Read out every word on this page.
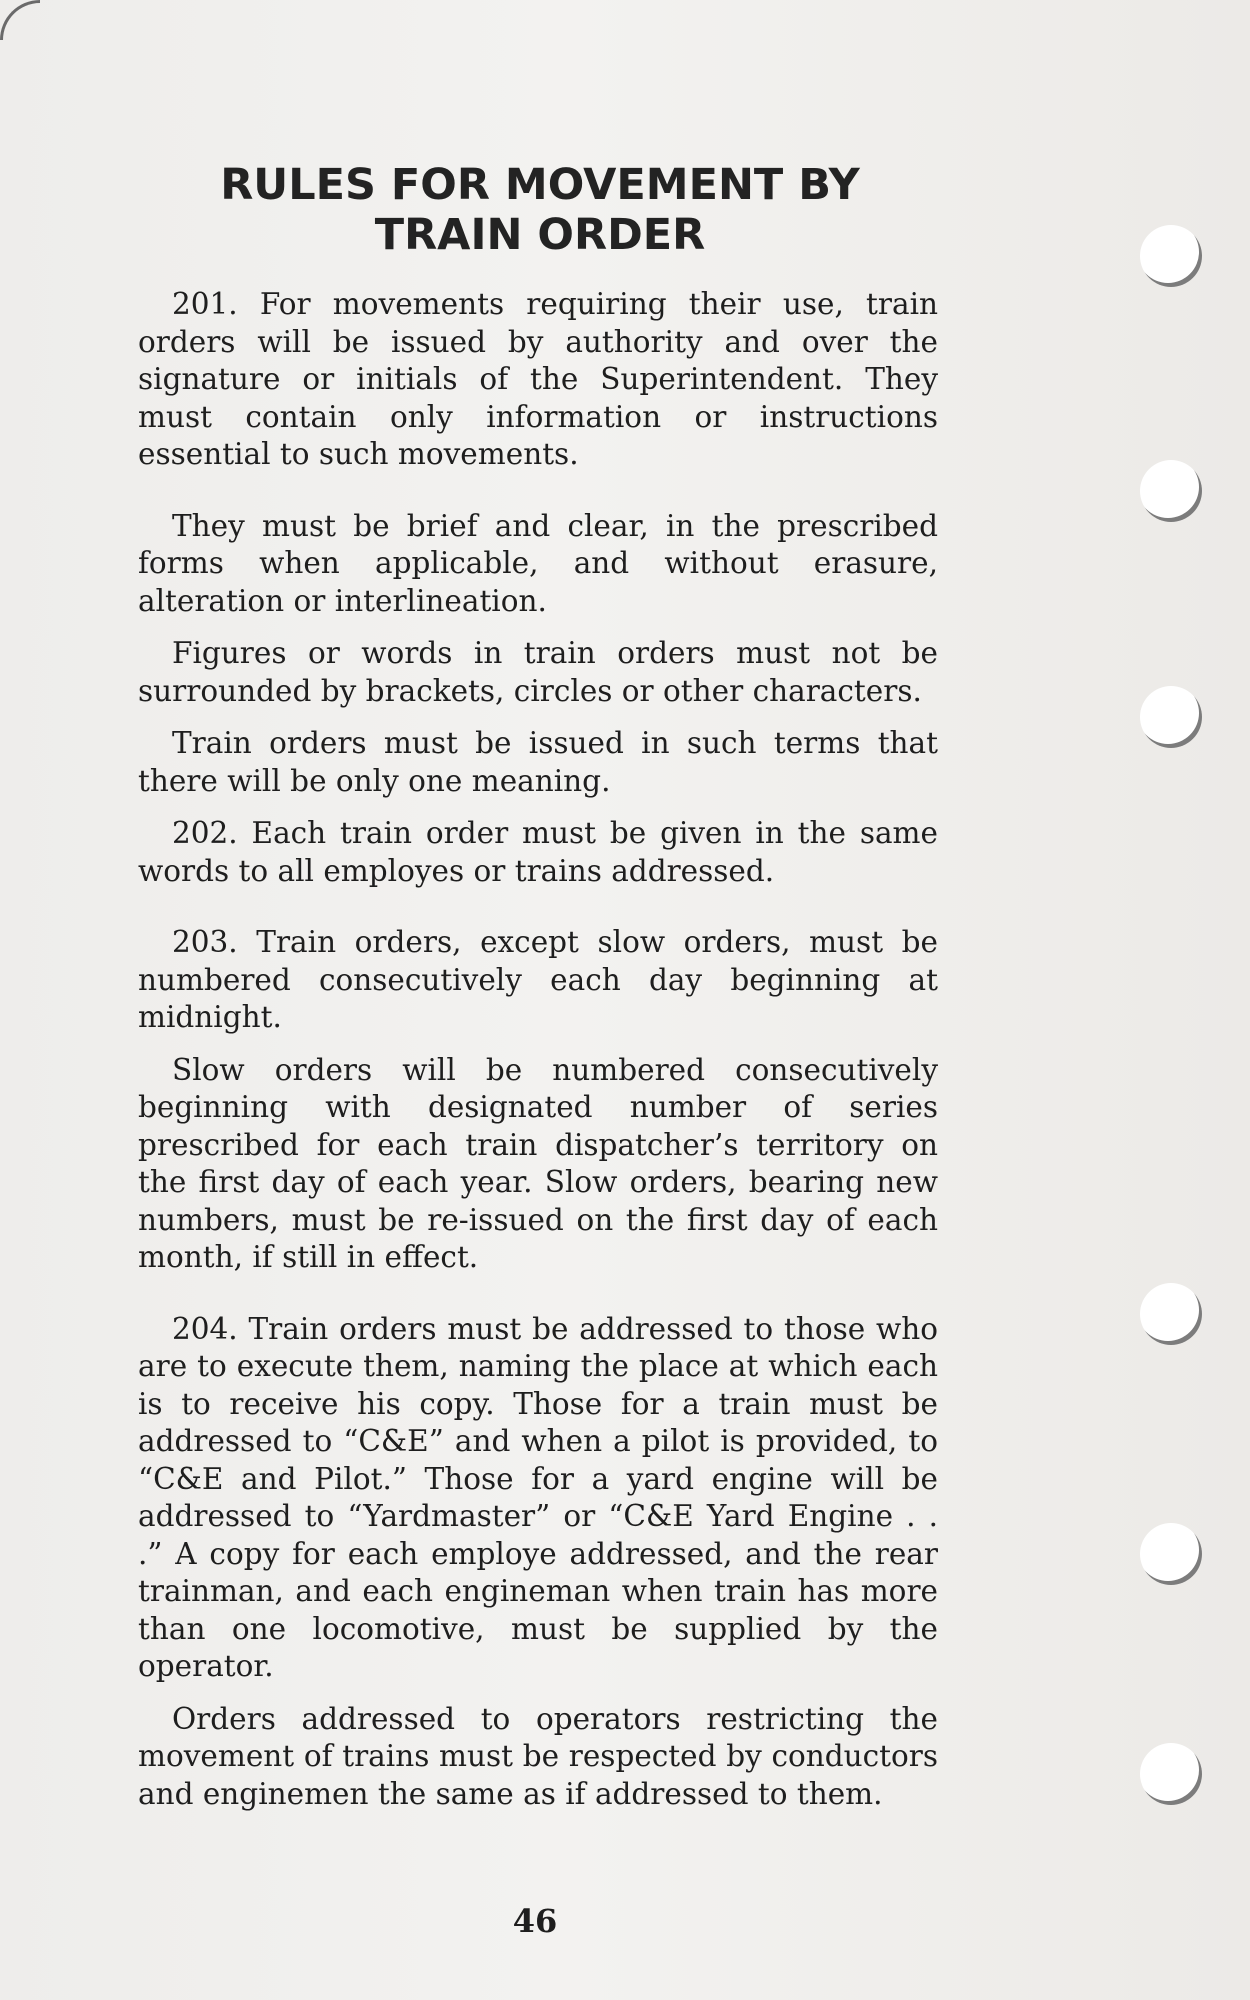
RULES FOR MOVEMENT BY TRAIN ORDER

201. For movements requiring their use, train orders will be issued by authority and over the signature or initials of the Superintendent. They must contain only information or instructions essential to such movements.

They must be brief and clear, in the prescribed forms when applicable, and without erasure, alteration or interlineation.

Figures or words in train orders must not be surrounded by brackets, circles or other characters.

Train orders must be issued in such terms that there will be only one meaning.

202. Each train order must be given in the same words to all employes or trains addressed.

203. Train orders, except slow orders, must be numbered consecutively each day beginning at midnight.

Slow orders will be numbered consecutively beginning with designated number of series prescribed for each train dispatcher’s territory on the first day of each year. Slow orders, bearing new numbers, must be re-issued on the first day of each month, if still in effect.

204. Train orders must be addressed to those who are to execute them, naming the place at which each is to receive his copy. Those for a train must be addressed to “C&E” and when a pilot is provided, to “C&E and Pilot.” Those for a yard engine will be addressed to “Yardmaster” or “C&E Yard Engine . . .” A copy for each employe addressed, and the rear trainman, and each engineman when train has more than one locomotive, must be supplied by the operator.

Orders addressed to operators restricting the movement of trains must be respected by conductors and enginemen the same as if addressed to them.

46
